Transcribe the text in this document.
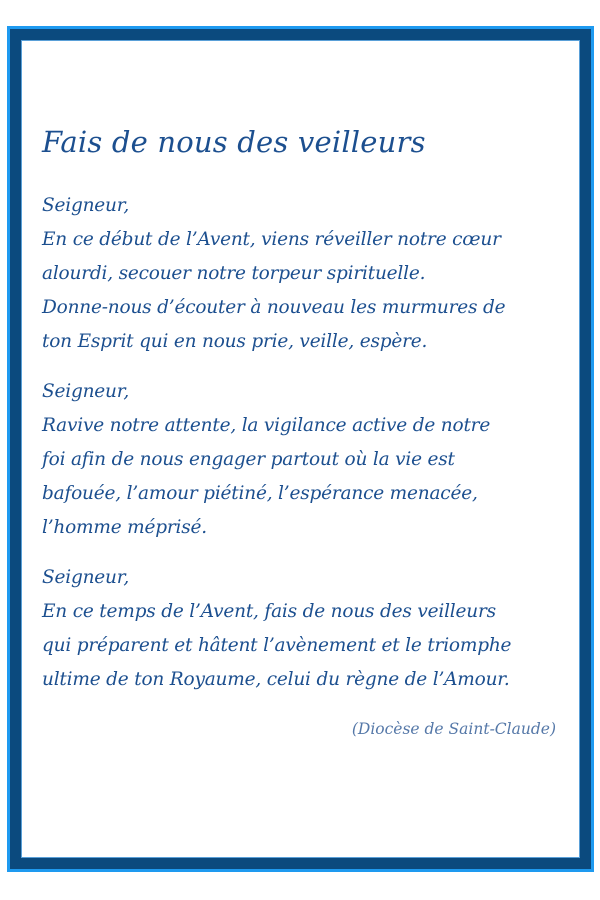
Fais de nous des veilleurs
Seigneur,
En ce début de l’Avent, viens réveiller notre cœur
alourdi, secouer notre torpeur spirituelle.
Donne-nous d’écouter à nouveau les murmures de
ton Esprit qui en nous prie, veille, espère.
Seigneur,
Ravive notre attente, la vigilance active de notre
foi afin de nous engager partout où la vie est
bafouée, l’amour piétiné, l’espérance menacée,
l’homme méprisé.
Seigneur,
En ce temps de l’Avent, fais de nous des veilleurs
qui préparent et hâtent l’avènement et le triomphe
ultime de ton Royaume, celui du règne de l’Amour.
(Diocèse de Saint-Claude)
